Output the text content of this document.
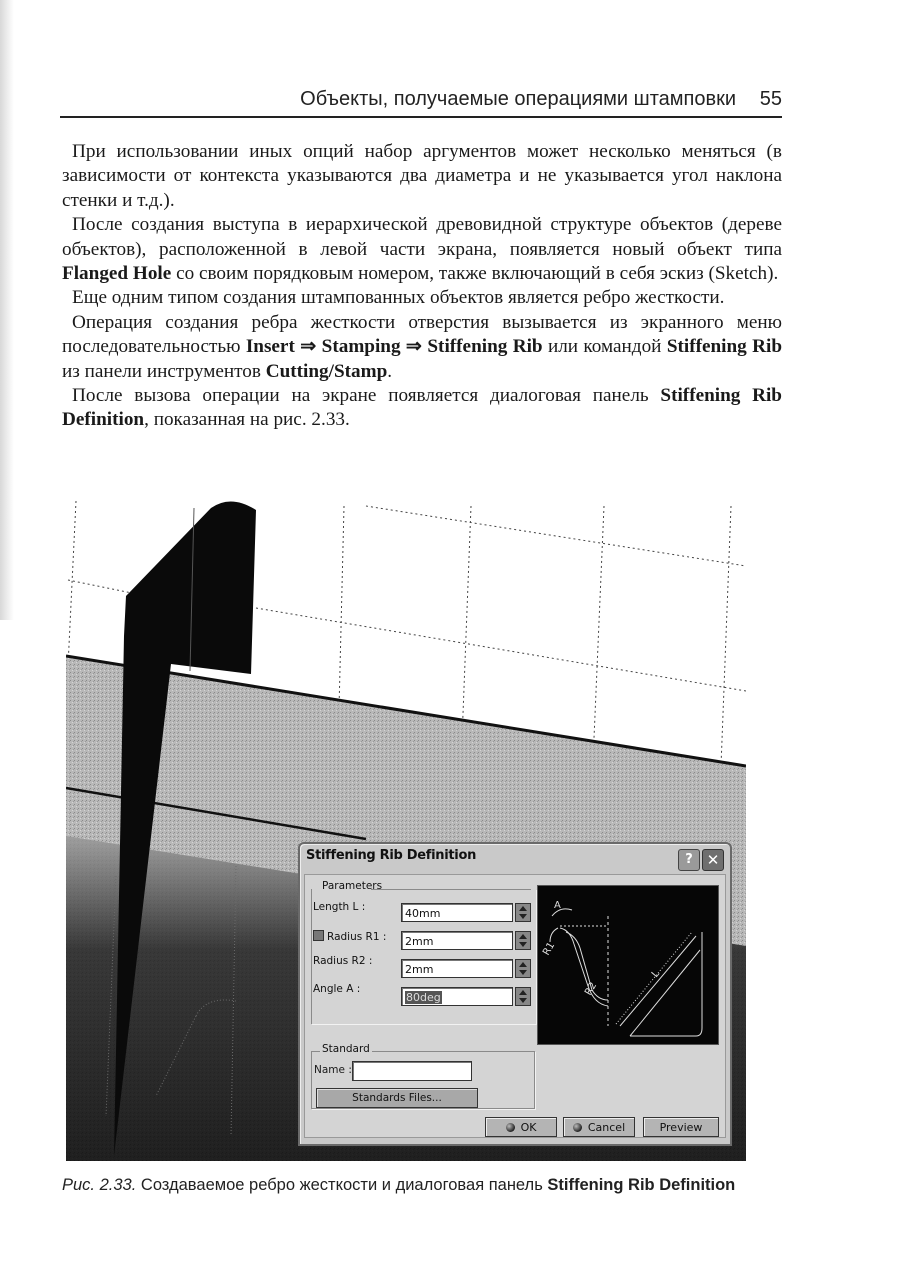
Объекты, получаемые операциями штамповки 55

При использовании иных опций набор аргументов может несколько меняться (в зависимости от контекста указываются два диаметра и не указывается угол наклона стенки и т.д.).

После создания выступа в иерархической древовидной структуре объектов (дереве объектов), расположенной в левой части экрана, появляется новый объект типа Flanged Hole со своим порядковым номером, также включающий в себя эскиз (Sketch).

Еще одним типом создания штампованных объектов является ребро жесткости.

Операция создания ребра жесткости отверстия вызывается из экранного меню последовательностью Insert ⇒ Stamping ⇒ Stiffening Rib или командой Stiffening Rib из панели инструментов Cutting/Stamp.

После вызова операции на экране появляется диалоговая панель Stiffening Rib Definition, показанная на рис. 2.33.

Stiffening Rib Definition	? ✕
Parameters
Length L :	40mm
Radius R1 :	2mm
Radius R2 :
2mm
Angle A :
80deg
A
R1
R2
L
Standard
Name :
Standards Files...
OK	Cancel	Preview
Рис. 2.33. Создаваемое ребро жесткости и диалоговая панель Stiffening Rib Definition
